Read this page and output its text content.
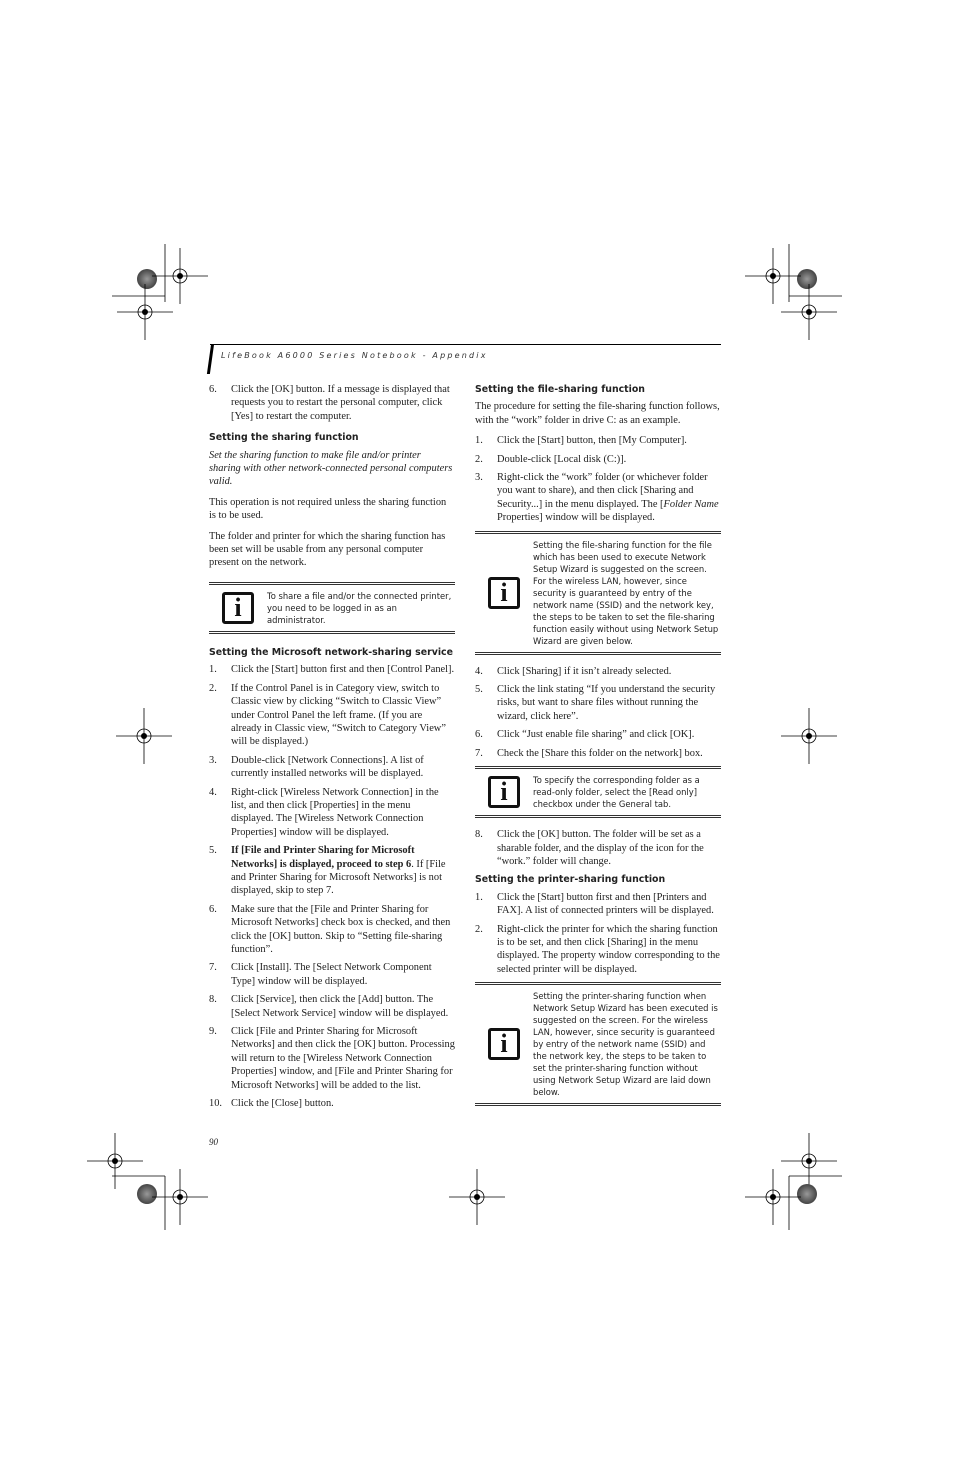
LifeBook A6000 Series Notebook - Appendix
6.	Click the [OK] button. If a message is displayed that requests you to restart the personal computer, click [Yes] to restart the computer.
Setting the sharing function

Set the sharing function to make file and/or printer sharing with other network-connected personal computers valid.

This operation is not required unless the sharing function is to be used.

The folder and printer for which the sharing function has been set will be usable from any personal computer present on the network.

i	To share a file and/or the connected printer, you need to be logged in as an administrator.
Setting the Microsoft network-sharing service
1.	Click the [Start] button first and then [Control Panel].
2.	If the Control Panel is in Category view, switch to Classic view by clicking “Switch to Classic View” under Control Panel the left frame. (If you are already in Classic view, “Switch to Category View” will be displayed.)
3.	Double-click [Network Connections]. A list of currently installed networks will be displayed.
4.	Right-click [Wireless Network Connection] in the list, and then click [Properties] in the menu displayed. The [Wireless Network Connection Properties] window will be displayed.
5.	If [File and Printer Sharing for Microsoft Networks] is displayed, proceed to step 6. If [File and Printer Sharing for Microsoft Networks] is not displayed, skip to step 7.
6.	Make sure that the [File and Printer Sharing for Microsoft Networks] check box is checked, and then click the [OK] button. Skip to “Setting file-sharing function”.
7.	Click [Install]. The [Select Network Component Type] window will be displayed.
8.	Click [Service], then click the [Add] button. The [Select Network Service] window will be displayed.
9.	Click [File and Printer Sharing for Microsoft Networks] and then click the [OK] button. Processing will return to the [Wireless Network Connection Properties] window, and [File and Printer Sharing for Microsoft Networks] will be added to the list.
10. Click the [Close] button.
Setting the file-sharing function

The procedure for setting the file-sharing function follows, with the “work” folder in drive C: as an example.

1.	Click the [Start] button, then [My Computer].
2.	Double-click [Local disk (C:)].
3.	Right-click the “work” folder (or whichever folder you want to share), and then click [Sharing and Security...] in the menu displayed. The [Folder Name Properties] window will be displayed.
i
Setting the file-sharing function for the file which has been used to execute Network Setup Wizard is suggested on the screen. For the wireless LAN, however, since security is guaranteed by entry of the network name (SSID) and the network key, the steps to be taken to set the file-sharing function easily without using Network Setup Wizard are given below.
4.	Click [Sharing] if it isn’t already selected.
5.	Click the link stating “If you understand the security risks, but want to share files without running the wizard, click here”.
6.	Click “Just enable file sharing” and click [OK].
7.	Check the [Share this folder on the network] box.
i	To specify the corresponding folder as a read-only folder, select the [Read only] checkbox under the General tab.
8.	Click the [OK] button. The folder will be set as a sharable folder, and the display of the icon for the “work.” folder will change.
Setting the printer-sharing function
1.	Click the [Start] button first and then [Printers and FAX]. A list of connected printers will be displayed.
2.	Right-click the printer for which the sharing function is to be set, and then click [Sharing] in the menu displayed. The property window corresponding to the selected printer will be displayed.
i
Setting the printer-sharing function when Network Setup Wizard has been executed is suggested on the screen. For the wireless LAN, however, since security is guaranteed by entry of the network name (SSID) and the network key, the steps to be taken to set the printer-sharing function without using Network Setup Wizard are laid down below.
90
